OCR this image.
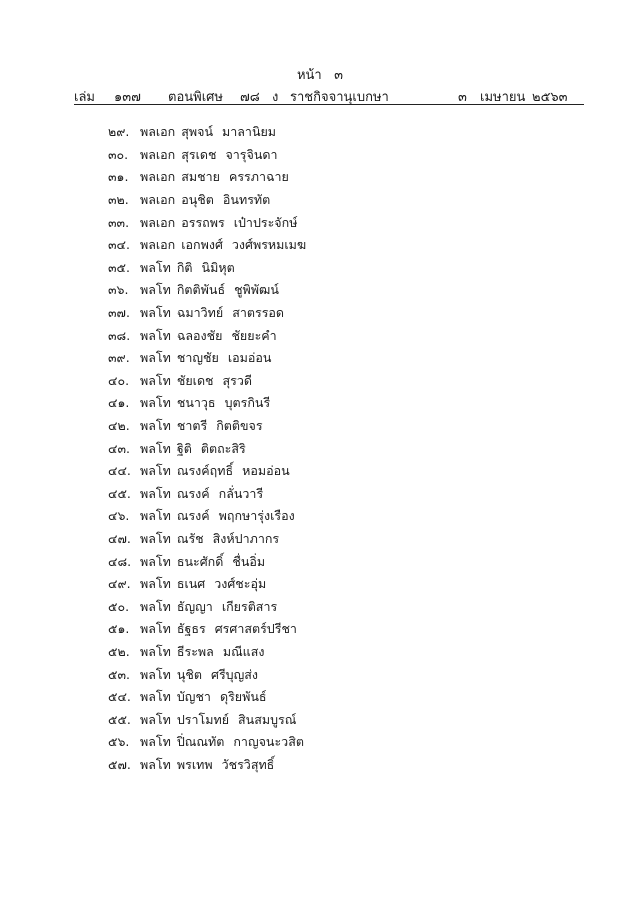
หน้า ๓
เล่ม ๑๓๗ ตอนพิเศษ ๗๘ ง ราชกิจจานุเบกษา	๓ เมษายน ๒๕๖๓
๒๙. พลเอก สุพจน์ มาลานิยม
๓๐. พลเอก สุรเดช จารุจินดา
๓๑. พลเอก สมชาย ครรภาฉาย
๓๒. พลเอก อนุชิต อินทรทัต
๓๓. พลเอก อรรถพร เป๋าประจักษ์
๓๔. พลเอก เอกพงศ์ วงศ์พรหมเมฆ
๓๕. พลโท กิติ นิมิหุต
๓๖. พลโท กิตติพันธ์ ชูพิพัฒน์
๓๗. พลโท ฉมาวิทย์ สาตรรอด
๓๘. พลโท ฉลองชัย ชัยยะคำ
๓๙. พลโท ชาญชัย เอมอ่อน
๔๐. พลโท ชัยเดช สุรวดี
๔๑. พลโท ชนาวุธ บุตรกินรี
๔๒. พลโท ชาตรี กิตติขจร
๔๓. พลโท ฐิติ ติตถะสิริ
๔๔. พลโท ณรงค์ฤทธิ์ หอมอ่อน
๔๕. พลโท ณรงค์ กลั่นวารี
๔๖. พลโท ณรงค์ พฤกษารุ่งเรือง
๔๗. พลโท ณรัช สิงห์ปาภากร
๔๘. พลโท ธนะศักดิ์ ชื่นอิ่ม
๔๙. พลโท ธเนศ วงศ์ชะอุ่ม
๕๐. พลโท ธัญญา เกียรติสาร
๕๑. พลโท ธัฐธร ศรศาสตร์ปรีชา
๕๒. พลโท ธีระพล มณีแสง
๕๓. พลโท นุชิต ศรีบุญส่ง
๕๔. พลโท บัญชา ดุริยพันธ์
๕๕. พลโท ปราโมทย์ สินสมบูรณ์
๕๖. พลโท ปิ่ณณทัต กาญจนะวสิต
๕๗. พลโท พรเทพ วัชรวิสุทธิ์
